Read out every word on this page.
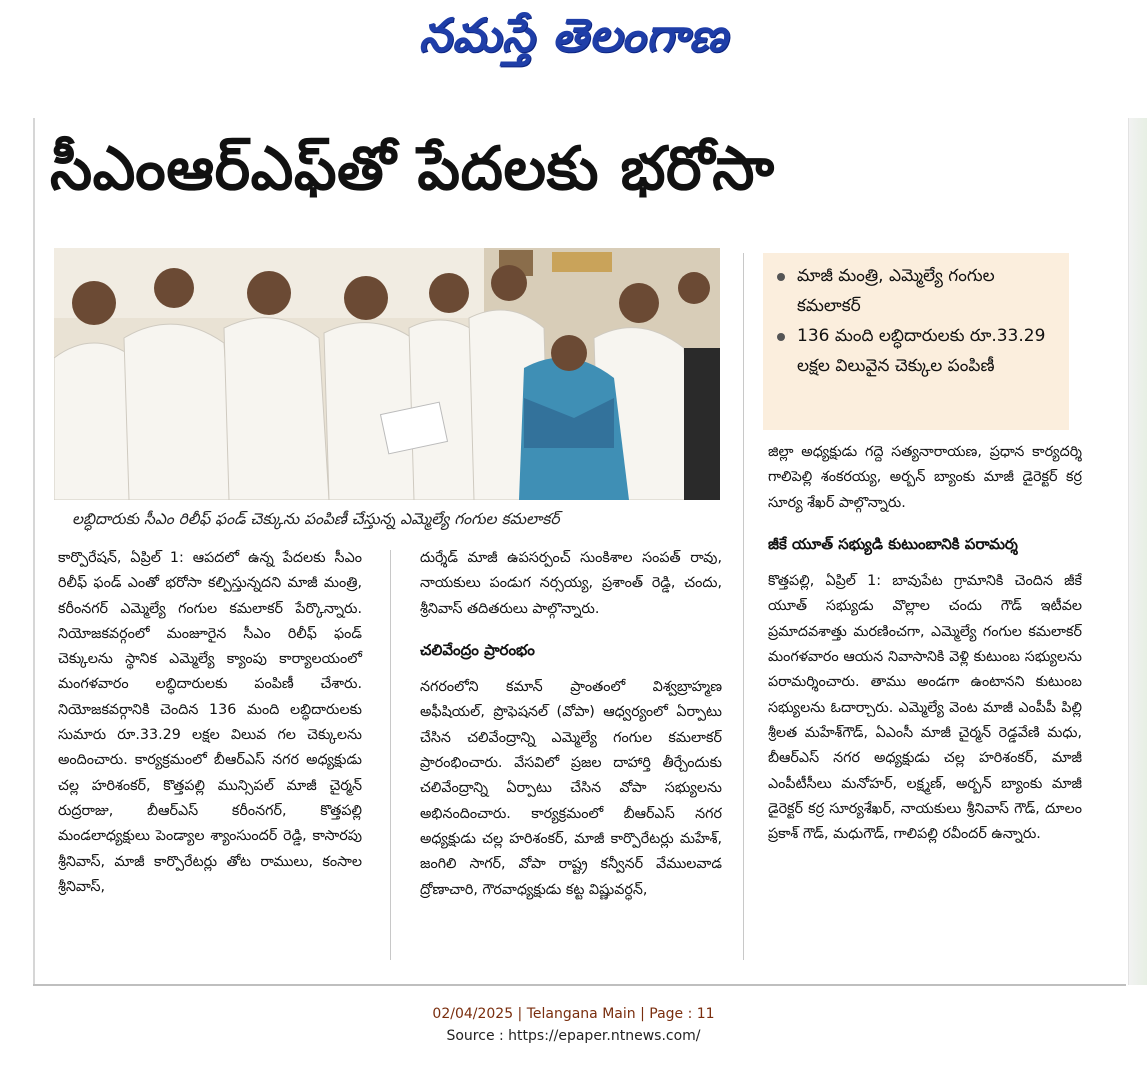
నమస్తే తెలంగాణ
సీఎంఆర్‌ఎఫ్‌తో పేదలకు భరోసా
లబ్ధిదారుకు సీఎం రిలీఫ్ ఫండ్ చెక్కును పంపిణీ చేస్తున్న ఎమ్మెల్యే గంగుల కమలాకర్
మాజీ మంత్రి, ఎమ్మెల్యే గంగుల కమలాకర్
136 మంది లబ్ధిదారులకు రూ.33.29 లక్షల విలువైన చెక్కుల పంపిణీ

కార్పొరేషన్, ఏప్రిల్ 1: ఆపదలో ఉన్న పేదలకు సీఎం రిలీఫ్ ఫండ్ ఎంతో భరోసా కల్పిస్తున్నదని మాజీ మంత్రి, కరీంనగర్ ఎమ్మెల్యే గంగుల కమలాకర్ పేర్కొన్నారు. నియోజకవర్గంలో మంజూరైన సీఎం రిలీఫ్ ఫండ్ చెక్కులను స్థానిక ఎమ్మెల్యే క్యాంపు కార్యాలయంలో మంగళవారం లబ్ధిదారులకు పంపిణీ చేశారు. నియోజకవర్గానికి చెందిన 136 మంది లబ్ధిదారులకు సుమారు రూ.33.29 లక్షల విలువ గల చెక్కులను అందించారు. కార్యక్రమంలో బీఆర్ఎస్ నగర అధ్యక్షుడు చల్ల హరిశంకర్, కొత్తపల్లి మున్సిపల్ మాజీ చైర్మన్ రుద్రరాజు, బీఆర్ఎస్ కరీంనగర్, కొత్తపల్లి మండలాధ్యక్షులు పెండ్యాల శ్యాంసుందర్ రెడ్డి, కాసారపు శ్రీనివాస్, మాజీ కార్పొరేటర్లు తోట రాములు, కంసాల శ్రీనివాస్,

దుర్శేడ్ మాజీ ఉపసర్పంచ్ సుంకిశాల సంపత్ రావు, నాయకులు పండుగ నర్సయ్య, ప్రశాంత్ రెడ్డి, చందు, శ్రీనివాస్ తదితరులు పాల్గొన్నారు.

చలివేంద్రం ప్రారంభం

నగరంలోని కమాన్ ప్రాంతంలో విశ్వబ్రాహ్మణ అఫీషియల్, ప్రొఫెషనల్ (వోపా) ఆధ్వర్యంలో ఏర్పాటు చేసిన చలివేంద్రాన్ని ఎమ్మెల్యే గంగుల కమలాకర్ ప్రారంభించారు. వేసవిలో ప్రజల దాహార్తి తీర్చేందుకు చలివేంద్రాన్ని ఏర్పాటు చేసిన వోపా సభ్యులను అభినందించారు. కార్యక్రమంలో బీఆర్ఎస్ నగర అధ్యక్షుడు చల్ల హరిశంకర్, మాజీ కార్పొరేటర్లు మహేశ్, జంగిలి సాగర్, వోపా రాష్ట్ర కన్వీనర్ వేములవాడ ద్రోణాచారి, గౌరవాధ్యక్షుడు కట్ట విష్ణువర్ధన్,

జిల్లా అధ్యక్షుడు గద్దె సత్యనారాయణ, ప్రధాన కార్యదర్శి గాలిపెల్లి శంకరయ్య, అర్బన్ బ్యాంకు మాజీ డైరెక్టర్ కర్ర సూర్య శేఖర్ పాల్గొన్నారు.

జీకే యూత్ సభ్యుడి కుటుంబానికి పరామర్శ

కొత్తపల్లి, ఏప్రిల్ 1: బావుపేట గ్రామానికి చెందిన జీకే యూత్ సభ్యుడు వొల్లాల చందు గౌడ్ ఇటీవల ప్రమాదవశాత్తు మరణించగా, ఎమ్మెల్యే గంగుల కమలాకర్ మంగళవారం ఆయన నివాసానికి వెళ్లి కుటుంబ సభ్యులను పరామర్శించారు. తాము అండగా ఉంటానని కుటుంబ సభ్యులను ఓదార్చారు. ఎమ్మెల్యే వెంట మాజీ ఎంపీపీ పిల్లి శ్రీలత మహేశ్‌గౌడ్, ఏఎంసీ మాజీ చైర్మన్ రెడ్డవేణి మధు, బీఆర్ఎస్ నగర అధ్యక్షుడు చల్ల హరిశంకర్, మాజీ ఎంపీటీసీలు మనోహర్, లక్ష్మణ్, అర్బన్ బ్యాంకు మాజీ డైరెక్టర్ కర్ర సూర్యశేఖర్, నాయకులు శ్రీనివాస్ గౌడ్, దూలం ప్రకాశ్ గౌడ్, మధుగౌడ్, గాలిపల్లి రవీందర్ ఉన్నారు.

02/04/2025 | Telangana Main | Page : 11
Source : https://epaper.ntnews.com/
